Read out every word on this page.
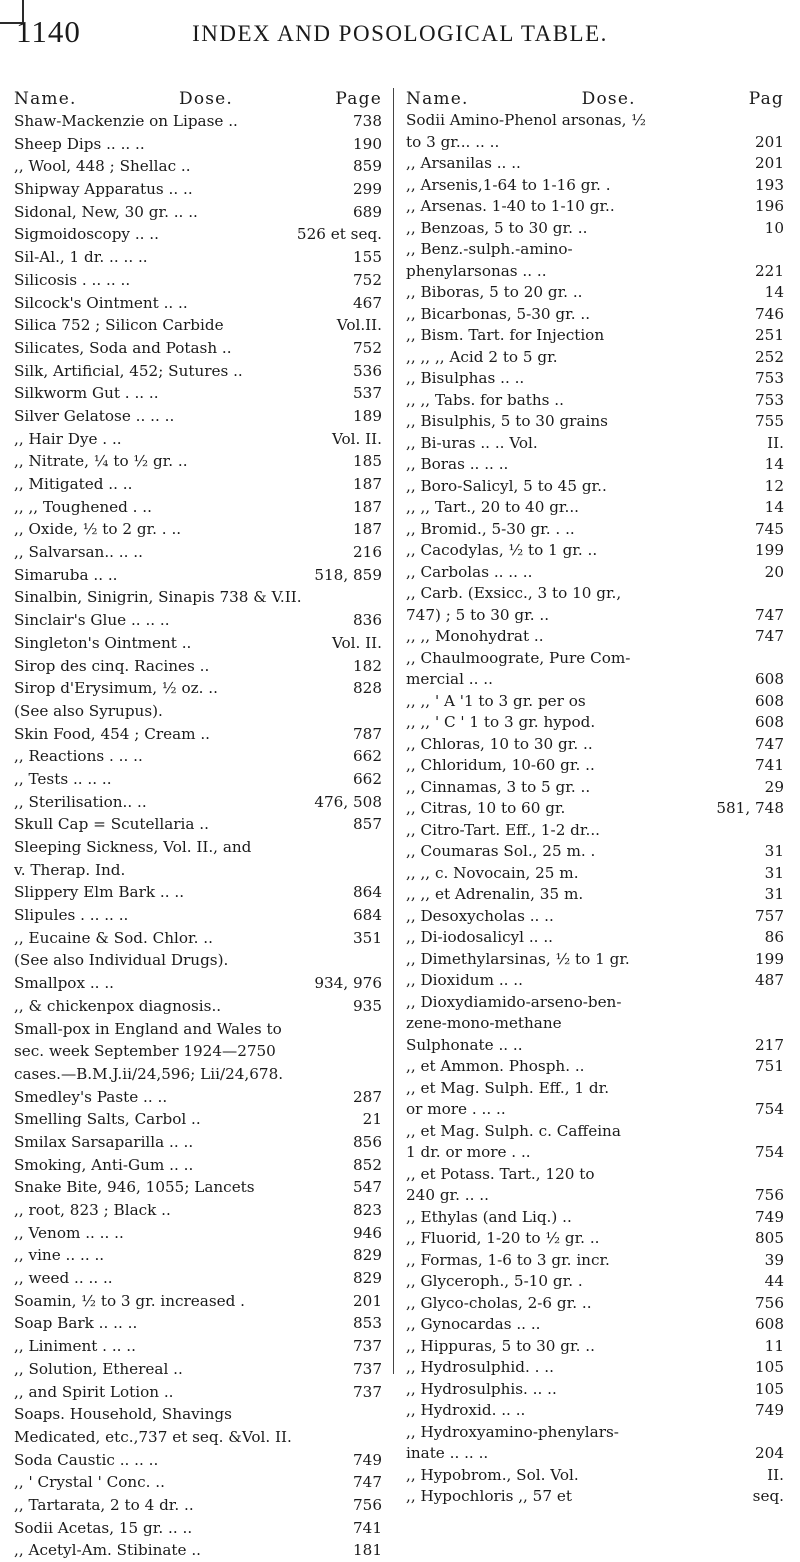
1140	INDEX AND POSOLOGICAL TABLE.
Name.	Dose.	Page
Shaw-Mackenzie on Lipase ..	738
Sheep Dips .. .. ..	190
,, Wool, 448 ; Shellac ..	859
Shipway Apparatus .. ..	299
Sidonal, New, 30 gr. .. ..	689
Sigmoidoscopy .. ..	526 et seq.
Sil-Al., 1 dr. .. .. ..	155
Silicosis . .. .. ..	752
Silcock's Ointment .. ..	467
Silica 752 ; Silicon Carbide	Vol.II.
Silicates, Soda and Potash ..	752
Silk, Artificial, 452; Sutures ..	536
Silkworm Gut . .. ..	537
Silver Gelatose .. .. ..	189
,, Hair Dye . ..	Vol. II.
,, Nitrate, ¼ to ½ gr. ..	185
,, Mitigated .. ..	187
,, ,, Toughened . ..	187
,, Oxide, ½ to 2 gr. . ..	187
,, Salvarsan.. .. ..	216
Simaruba .. ..	518, 859
Sinalbin, Sinigrin, Sinapis 738 & V.II.
Sinclair's Glue .. .. ..	836
Singleton's Ointment ..	Vol. II.
Sirop des cinq. Racines ..	182
Sirop d'Erysimum, ½ oz. ..	828
(See also Syrupus).
Skin Food, 454 ; Cream ..	787
,, Reactions . .. ..	662
,, Tests .. .. ..	662
,, Sterilisation.. ..	476, 508
Skull Cap = Scutellaria ..	857
Sleeping Sickness, Vol. II., and
v. Therap. Ind.
Slippery Elm Bark .. ..	864
Slipules . .. .. ..	684
,, Eucaine & Sod. Chlor. ..	351
(See also Individual Drugs).
Smallpox .. ..	934, 976
,, & chickenpox diagnosis..	935
Small-pox in England and Wales to
sec. week September 1924—2750
cases.—B.M.J.ii/24,596; Lii/24,678.
Smedley's Paste .. ..	287
Smelling Salts, Carbol ..	21
Smilax Sarsaparilla .. ..	856
Smoking, Anti-Gum .. ..	852
Snake Bite, 946, 1055; Lancets	547
,, root, 823 ; Black ..	823
,, Venom .. .. ..	946
,, vine .. .. ..	829
,, weed .. .. ..	829
Soamin, ½ to 3 gr. increased .	201
Soap Bark .. .. ..	853
,, Liniment . .. ..	737
,, Solution, Ethereal ..	737
,, and Spirit Lotion ..	737
Soaps. Household, Shavings
Medicated, etc.,737 et seq. &Vol. II.
Soda Caustic .. .. ..	749
,, ' Crystal ' Conc. ..	747
,, Tartarata, 2 to 4 dr. ..	756
Sodii Acetas, 15 gr. .. ..	741
,, Acetyl-Am. Stibinate ..	181
Name.	Dose.	Pag
Sodii Amino-Phenol arsonas, ½
to 3 gr... .. ..	201
,, Arsanilas .. ..	201
,, Arsenis,1-64 to 1-16 gr. .	193
,, Arsenas. 1-40 to 1-10 gr..	196
,, Benzoas, 5 to 30 gr. ..	10
,, Benz.-sulph.-amino-
phenylarsonas .. ..	221
,, Biboras, 5 to 20 gr. ..	14
,, Bicarbonas, 5-30 gr. ..	746
,, Bism. Tart. for Injection	251
,, ,, ,, Acid 2 to 5 gr.	252
,, Bisulphas .. ..	753
,, ,, Tabs. for baths ..	753
,, Bisulphis, 5 to 30 grains	755
,, Bi-uras .. .. Vol.	II.
,, Boras .. .. ..	14
,, Boro-Salicyl, 5 to 45 gr..	12
,, ,, Tart., 20 to 40 gr...	14
,, Bromid., 5-30 gr. . ..	745
,, Cacodylas, ½ to 1 gr. ..	199
,, Carbolas .. .. ..	20
,, Carb. (Exsicc., 3 to 10 gr.,
747) ; 5 to 30 gr. ..	747
,, ,, Monohydrat ..	747
,, Chaulmoograte, Pure Com-
mercial .. ..	608
,, ,, ' A '1 to 3 gr. per os	608
,, ,, ' C ' 1 to 3 gr. hypod.	608
,, Chloras, 10 to 30 gr. ..	747
,, Chloridum, 10-60 gr. ..	741
,, Cinnamas, 3 to 5 gr. ..	29
,, Citras, 10 to 60 gr.	581, 748
,, Citro-Tart. Eff., 1-2 dr...
,, Coumaras Sol., 25 m. .	31
,, ,, c. Novocain, 25 m.	31
,, ,, et Adrenalin, 35 m.	31
,, Desoxycholas .. ..	757
,, Di-iodosalicyl .. ..	86
,, Dimethylarsinas, ½ to 1 gr.	199
,, Dioxidum .. ..	487
,, Dioxydiamido-arseno-ben-
zene-mono-methane
Sulphonate .. ..	217
,, et Ammon. Phosph. ..	751
,, et Mag. Sulph. Eff., 1 dr.
or more . .. ..	754
,, et Mag. Sulph. c. Caffeina
1 dr. or more . ..	754
,, et Potass. Tart., 120 to
240 gr. .. ..	756
,, Ethylas (and Liq.) ..	749
,, Fluorid, 1-20 to ½ gr. ..	805
,, Formas, 1-6 to 3 gr. incr.	39
,, Glyceroph., 5-10 gr. .	44
,, Glyco-cholas, 2-6 gr. ..	756
,, Gynocardas .. ..	608
,, Hippuras, 5 to 30 gr. ..	11
,, Hydrosulphid. . ..	105
,, Hydrosulphis. .. ..	105
,, Hydroxid. .. ..	749
,, Hydroxyamino-phenylars-
inate .. .. ..	204
,, Hypobrom., Sol. Vol.	II.
,, Hypochloris ,, 57 et	seq.
